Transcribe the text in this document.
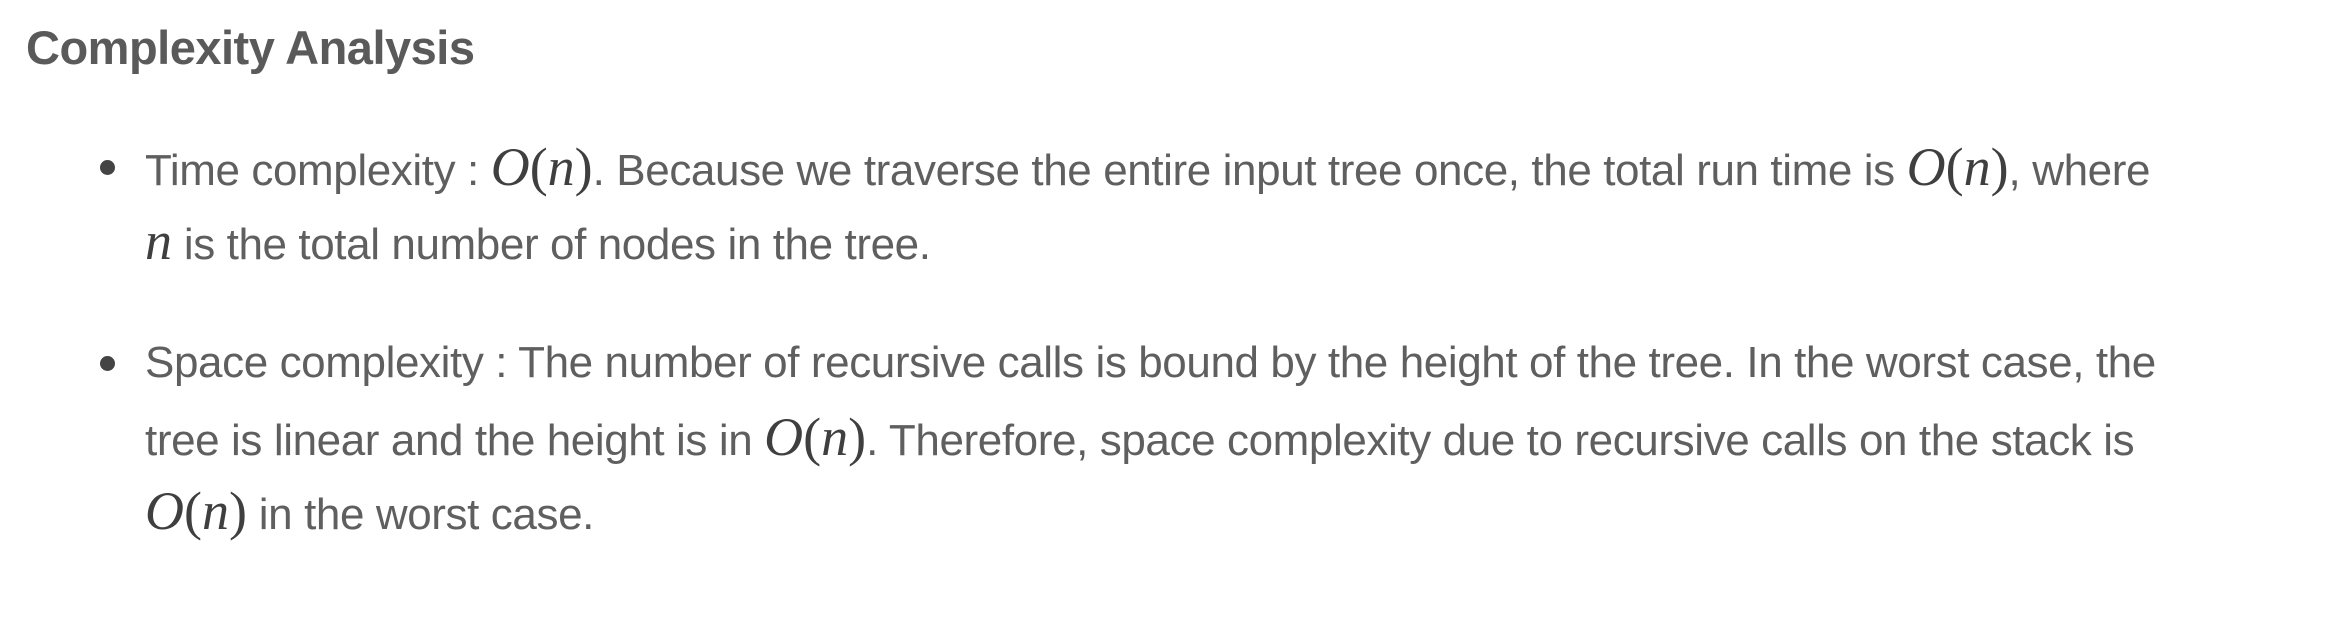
Complexity Analysis
Time complexity : O(n). Because we traverse the entire input tree once, the total run time is O(n), where
n is the total number of nodes in the tree.
Space complexity : The number of recursive calls is bound by the height of the tree. In the worst case, the
tree is linear and the height is in O(n). Therefore, space complexity due to recursive calls on the stack is
O(n) in the worst case.
